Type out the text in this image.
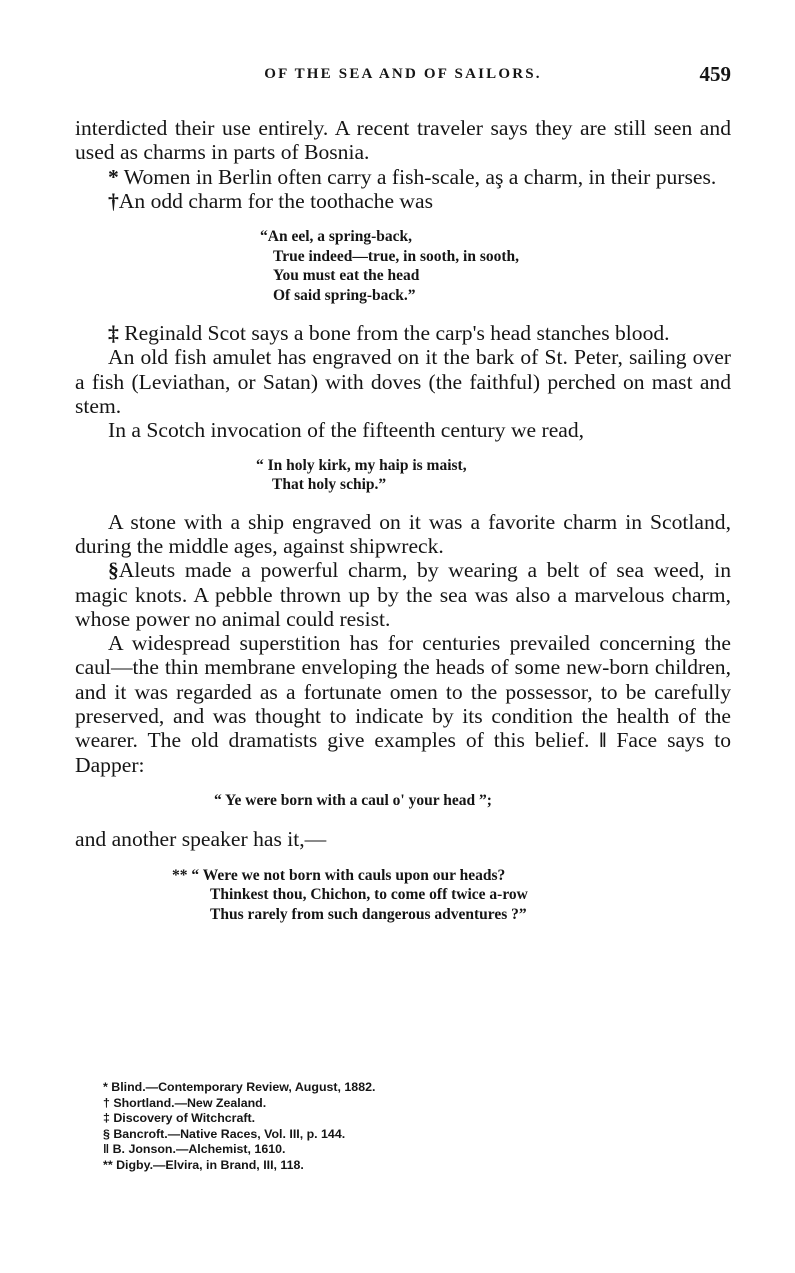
OF THE SEA AND OF SAILORS.	459

interdicted their use entirely. A recent traveler says they are still seen and used as charms in parts of Bosnia.

* Women in Berlin often carry a fish-scale, aş a charm, in their purses.

†An odd charm for the toothache was

“An eel, a spring-back,
True indeed—true, in sooth, in sooth,
You must eat the head
Of said spring-back.”

‡ Reginald Scot says a bone from the carp's head stanches blood.

An old fish amulet has engraved on it the bark of St. Peter, sailing over a fish (Leviathan, or Satan) with doves (the faithful) perched on mast and stem.

In a Scotch invocation of the fifteenth century we read,

“ In holy kirk, my haip is maist,
That holy schip.”

A stone with a ship engraved on it was a favorite charm in Scotland, during the middle ages, against shipwreck.

§Aleuts made a powerful charm, by wearing a belt of sea weed, in magic knots. A pebble thrown up by the sea was also a marvelous charm, whose power no animal could resist.

A widespread superstition has for centuries prevailed concerning the caul—the thin membrane enveloping the heads of some new-born children, and it was regarded as a fortunate omen to the possessor, to be carefully preserved, and was thought to indicate by its condition the health of the wearer. The old dramatists give examples of this belief. ‖ Face says to Dapper:

“ Ye were born with a caul o' your head ”;

and another speaker has it,—

** “ Were we not born with cauls upon our heads?
Thinkest thou, Chichon, to come off twice a-row
Thus rarely from such dangerous adventures ?”
* Blind.—Contemporary Review, August, 1882.
† Shortland.—New Zealand.
‡ Discovery of Witchcraft.
§ Bancroft.—Native Races, Vol. III, p. 144.
‖ B. Jonson.—Alchemist, 1610.
** Digby.—Elvira, in Brand, III, 118.
